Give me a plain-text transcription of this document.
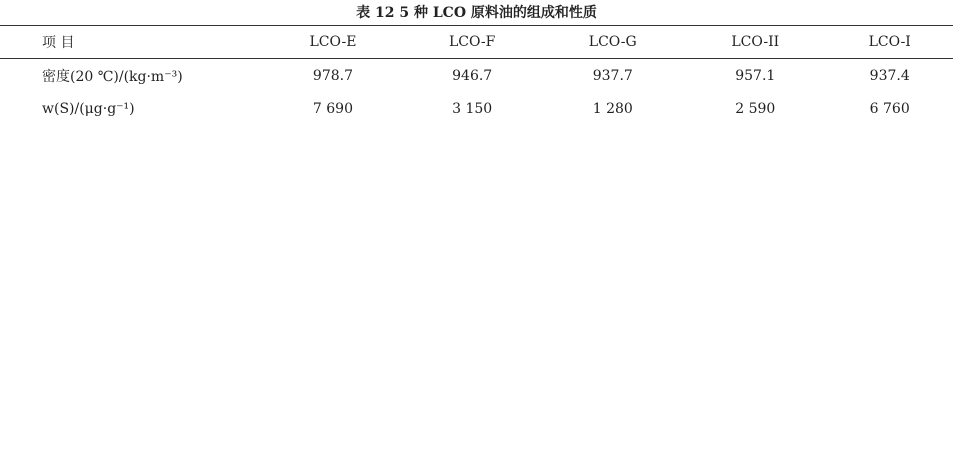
表 12 5 种 LCO 原料油的组成和性质
项 目	LCO-E	LCO-F	LCO-G	LCO-II	LCO-I
密度(20 ℃)/(kg·m⁻³)	978.7	946.7	937.7	957.1	937.4
w(S)/(μg·g⁻¹)	7 690	3 150	1 280	2 590	6 760
